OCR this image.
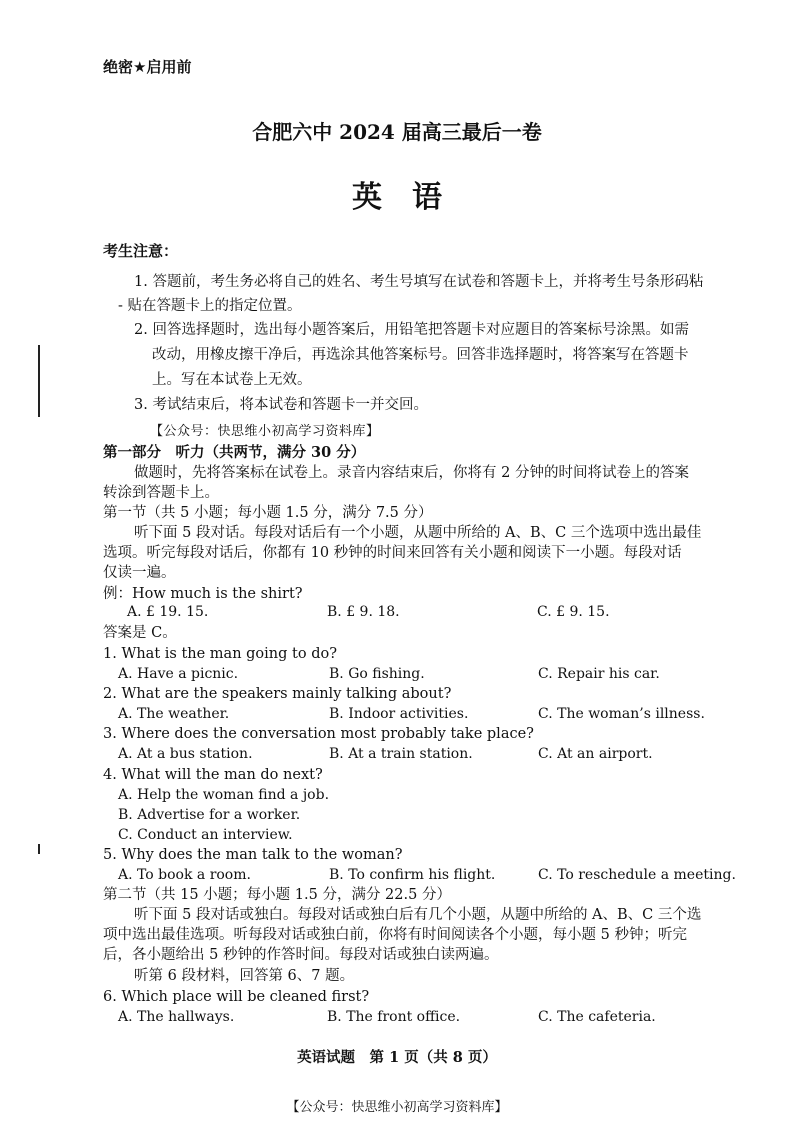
绝密★启用前
合肥六中 2024 届高三最后一卷
英语
考生注意：
1. 答题前，考生务必将自己的姓名、考生号填写在试卷和答题卡上，并将考生号条形码粘
- 贴在答题卡上的指定位置。
2. 回答选择题时，选出每小题答案后，用铅笔把答题卡对应题目的答案标号涂黑。如需
改动，用橡皮擦干净后，再选涂其他答案标号。回答非选择题时，将答案写在答题卡
上。写在本试卷上无效。
3. 考试结束后，将本试卷和答题卡一并交回。
【公众号：快思维小初高学习资料库】
第一部分　听力（共两节，满分 30 分）
做题时，先将答案标在试卷上。录音内容结束后，你将有 2 分钟的时间将试卷上的答案
转涂到答题卡上。
第一节（共 5 小题；每小题 1.5 分，满分 7.5 分）
听下面 5 段对话。每段对话后有一个小题，从题中所给的 A、B、C 三个选项中选出最佳
选项。听完每段对话后，你都有 10 秒钟的时间来回答有关小题和阅读下一小题。每段对话
仅读一遍。
例：How much is the shirt?
A. £ 19. 15.	B. £ 9. 18.	C. £ 9. 15.
答案是 C。
1. What is the man going to do?
A. Have a picnic.	B. Go fishing.	C. Repair his car.
2. What are the speakers mainly talking about?
A. The weather.	B. Indoor activities.	C. The woman’s illness.
3. Where does the conversation most probably take place?
A. At a bus station.	B. At a train station.	C. At an airport.
4. What will the man do next?
A. Help the woman find a job.
B. Advertise for a worker.
C. Conduct an interview.
5. Why does the man talk to the woman?
A. To book a room.	B. To confirm his flight.	C. To reschedule a meeting.
第二节（共 15 小题；每小题 1.5 分，满分 22.5 分）
听下面 5 段对话或独白。每段对话或独白后有几个小题，从题中所给的 A、B、C 三个选
项中选出最佳选项。听每段对话或独白前，你将有时间阅读各个小题，每小题 5 秒钟；听完
后，各小题给出 5 秒钟的作答时间。每段对话或独白读两遍。
听第 6 段材料，回答第 6、7 题。
6. Which place will be cleaned first?
A. The hallways.	B. The front office.	C. The cafeteria.
英语试题　第 1 页（共 8 页）
【公众号：快思维小初高学习资料库】
